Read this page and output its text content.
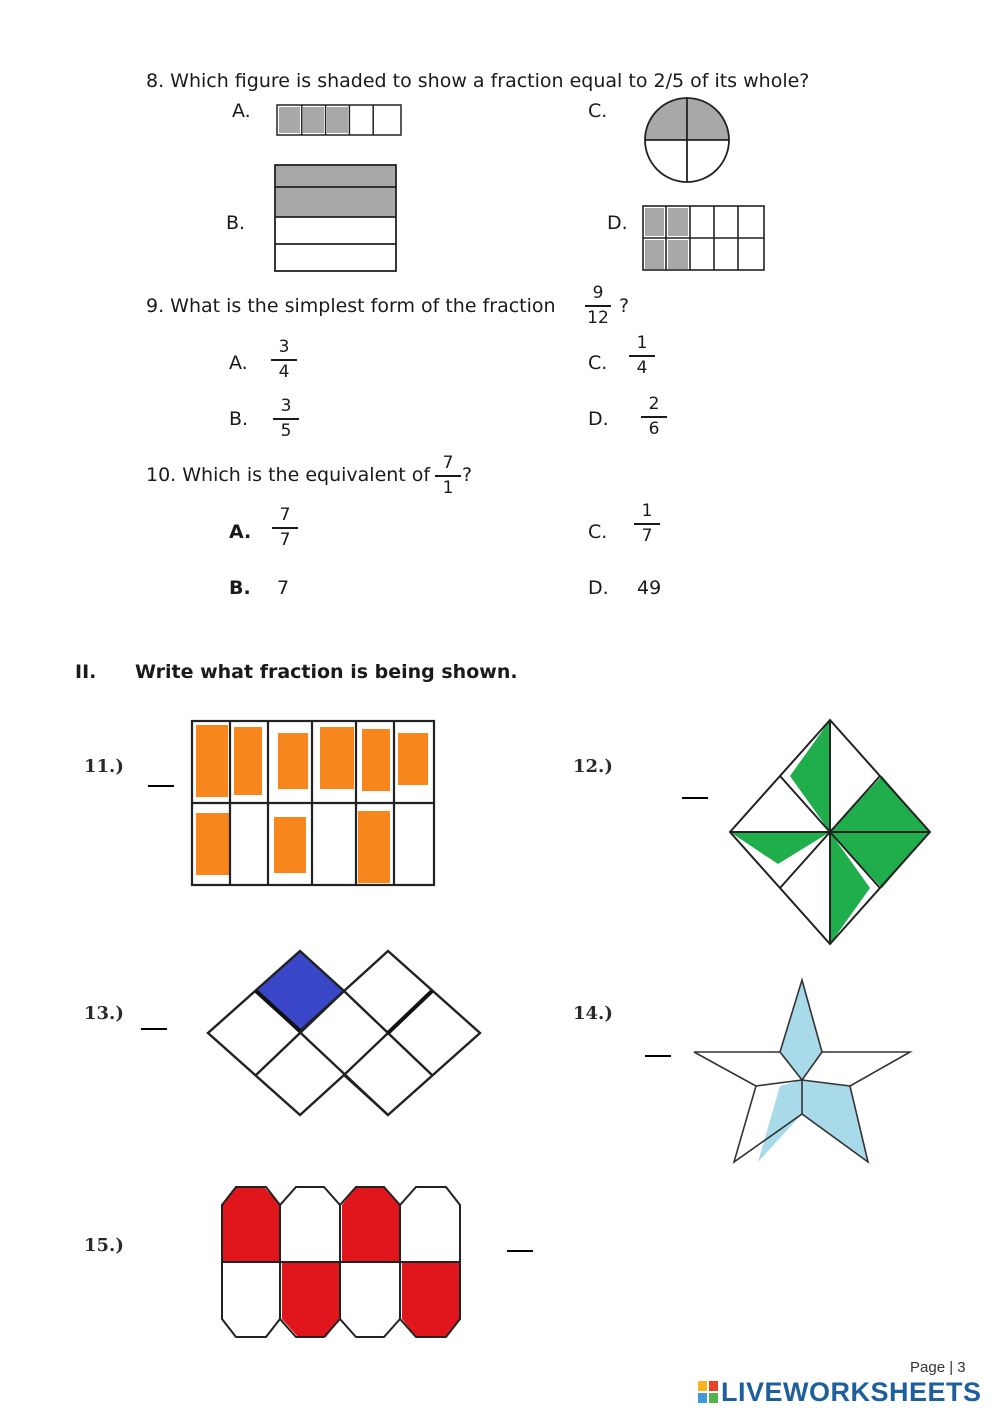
8. Which figure is shaded to show a fraction equal to 2/5 of its whole?
A.	C.
B.	D.
9. What is the simplest form of the fraction
9
12
?
A.
3
4	C.
1
4
B.
3
5
D.
2
6
10. Which is the equivalent of
7
1
?
A.
7
7	C.
1
7
B. 7	D. 49
II. Write what fraction is being shown.
11.)	12.)
13.)	14.)
15.)
Page | 3
LIVEWORKSHEETS
